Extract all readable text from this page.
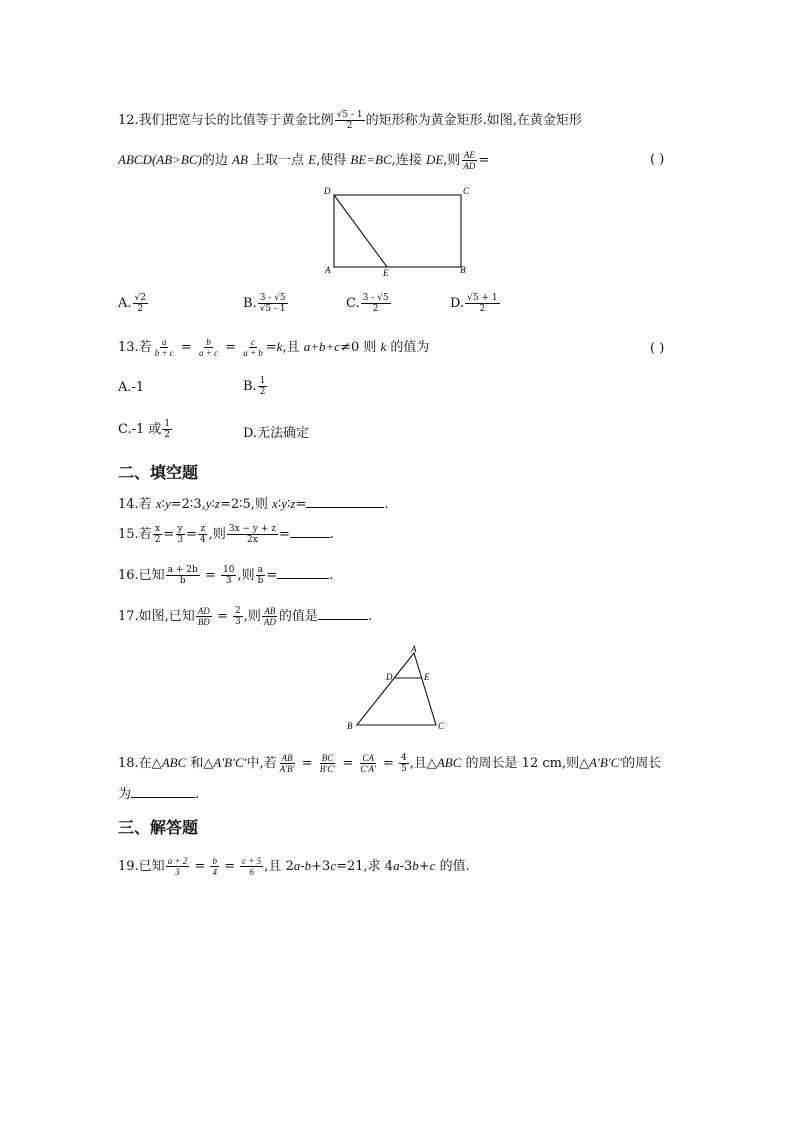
12.我们把宽与长的比值等于黄金比例 $\frac{√5 - 1}{2}$ 的矩形称为黄金矩形.如图,在黄金矩形
ABCD(AB>BC)的边 AB 上取一点 E,使得 BE=BC,连接 DE,则 $\frac{AE}{AD}$ =	( )
D	C
A	E	B
A. $\frac{√2}{2}$	B. $\frac{3 - √5}{√5 - 1}$	C. $\frac{3 - √5}{2}$	D. $\frac{√5 + 1}{2}$
13.若 $\frac{a}{b + c} = \frac{b}{a + c} = \frac{c}{a + b} =k$,且 a+b+c≠0 则 k 的值为	( )
A.-1	B. $\frac{1}{2}$
C.-1 或 $\frac{1}{2}$	D.无法确定
二、填空题
14.若 x∶y=2∶3,y∶z=2∶5,则 x∶y∶z=	.
15.若 $\frac{x}{2} = \frac{y}{3} = \frac{z}{4}$ ,则 $\frac{3x - y + z}{2x}$ =	.
16.已知 $\frac{a + 2b}{b} = \frac{10}{3}$ ,则 $\frac{a}{b}$ =	.
17.如图,已知 $\frac{AD}{BD} = \frac{2}{3}$ ,则 $\frac{AB}{AD}$ 的值是	.
A
D	E
B	C
18.在△ABC 和△A′B′C′中,若 $\frac{AB}{A'B'} = \frac{BC}{B'C'} = \frac{CA}{C'A'} = \frac{4}{5}$ ,且△ABC 的周长是 12 cm,则△A′B′C′的周长
为	.
三、解答题
19.已知 $\frac{a + 2}{3} = \frac{b}{4} = \frac{c + 5}{6}$ ,且 2a-b+3c=21,求 4a-3b+c 的值.
